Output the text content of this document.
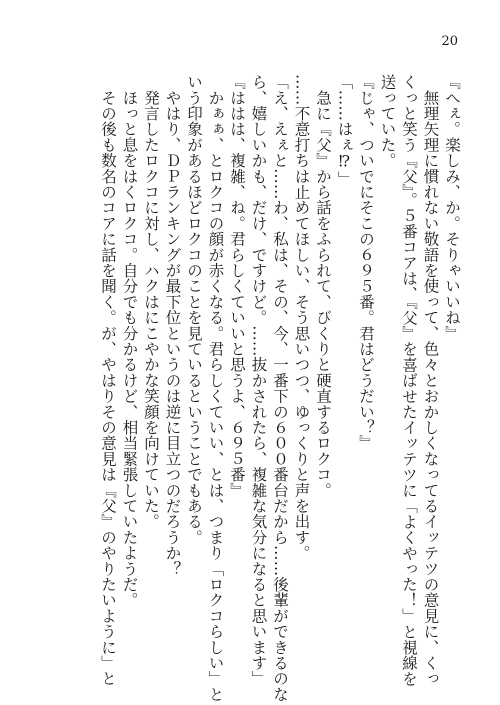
20
『へぇ。楽しみ、か。そりゃいいね』
　無理矢理に慣れない敬語を使って、色々とおかしくなってるイッテツの意見に、くっ
くっと笑う『父』。５番コアは、『父』を喜ばせたイッテツに「よくやった！」と視線を
送っていた。
『じゃ、ついでにそこの６９５番。君はどうだい？』
「……はぇ⁉」
　急に『父』から話をふられて、びくりと硬直するロクコ。
……不意打ちは止めてほしい、そう思いつつ、ゆっくりと声を出す。
「え、えぇと……わ、私は、その、今、一番下の６００番台だから……後輩ができるのな
ら、嬉しいかも、だけ、ですけど。……抜かされたら、複雑な気分になると思います」
『ははは、複雑、ね。君らしくていいと思うよ、６９５番』
　かぁぁ、とロクコの顔が赤くなる。君らしくていい、とは、つまり「ロクコらしい」と
いう印象があるほどロクコのことを見ているということでもある。
　やはり、ＤＰランキングが最下位というのは逆に目立つのだろうか？
　発言したロクコに対し、ハクはにこやかな笑顔を向けていた。
　ほっと息をはくロクコ。自分でも分かるけど、相当緊張していたようだ。
　その後も数名のコアに話を聞く。が、やはりその意見は『父』のやりたいように」と
